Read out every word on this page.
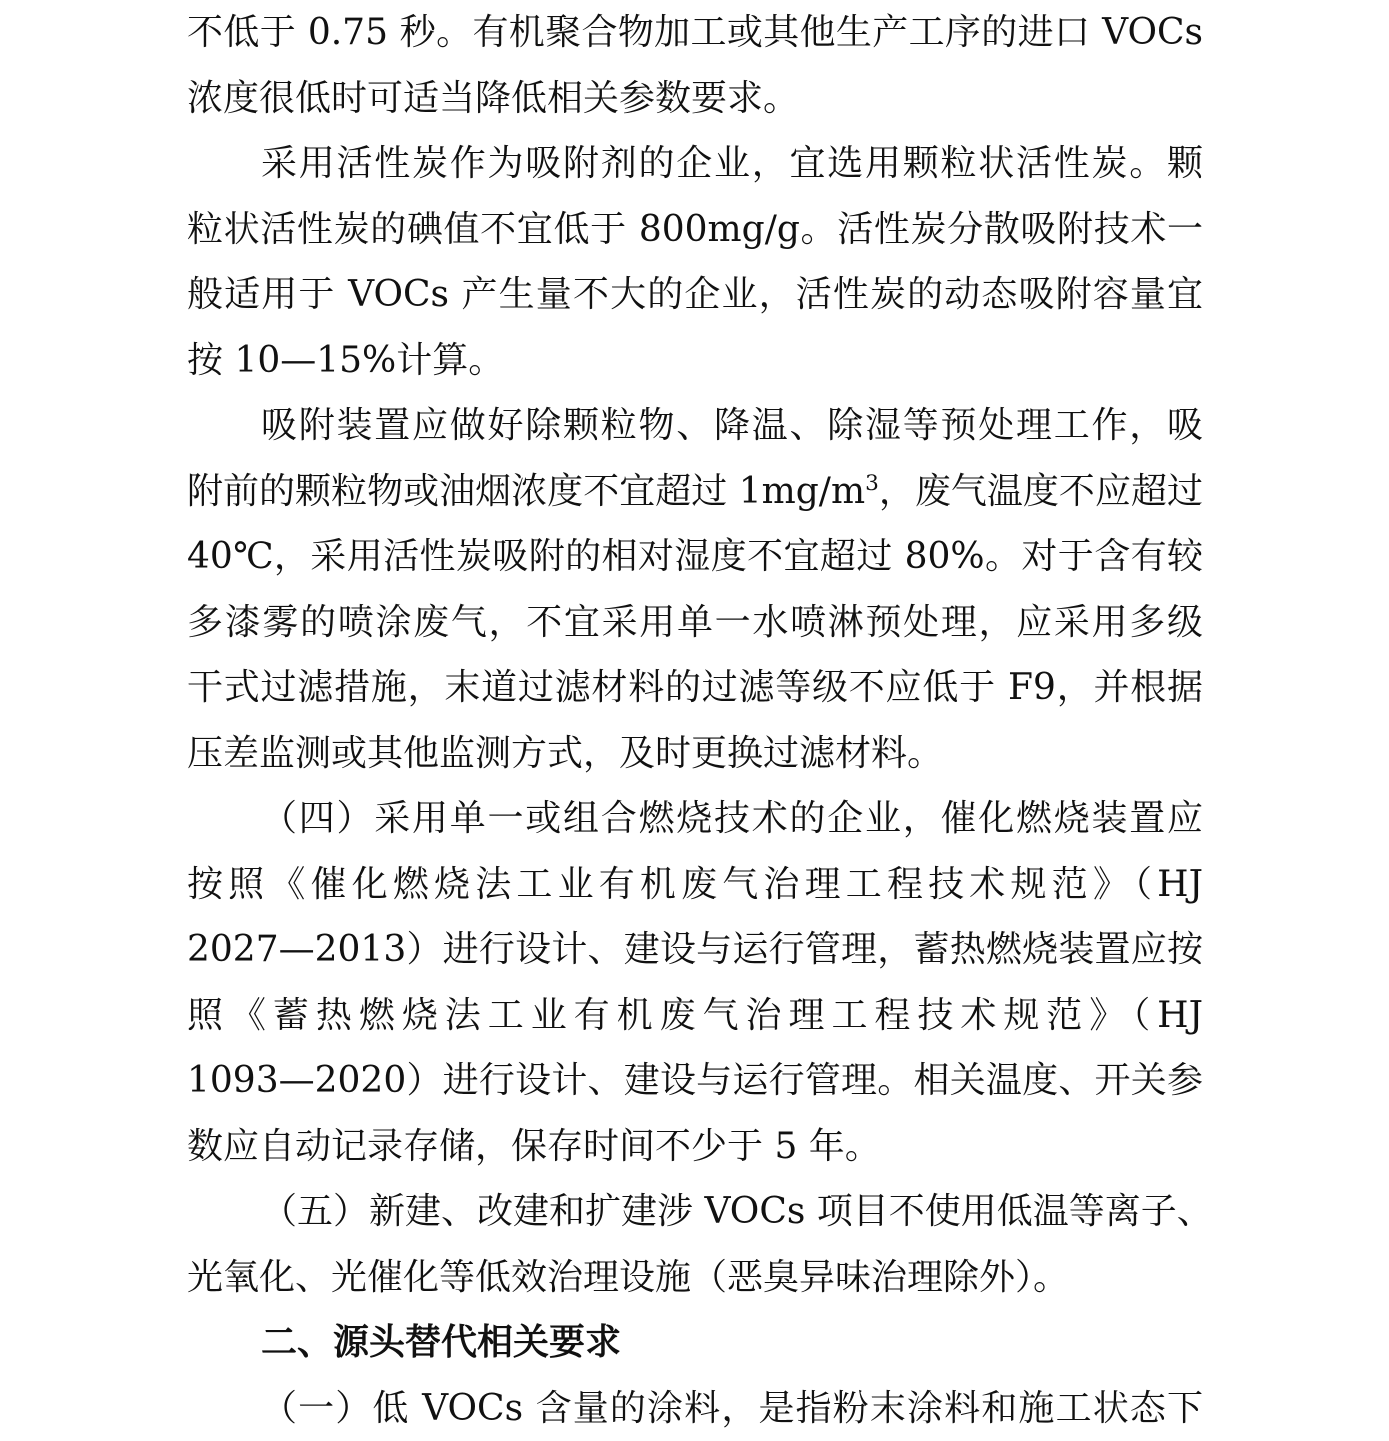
不低于 0.75 秒。有机聚合物加工或其他生产工序的进口 VOCs
浓度很低时可适当降低相关参数要求。
采用活性炭作为吸附剂的企业，宜选用颗粒状活性炭。颗
粒状活性炭的碘值不宜低于 800mg/g。活性炭分散吸附技术一
般适用于 VOCs 产生量不大的企业，活性炭的动态吸附容量宜
按 10—15%计算。
吸附装置应做好除颗粒物、降温、除湿等预处理工作，吸
附前的颗粒物或油烟浓度不宜超过 $1mg/m^3$，废气温度不应超过
40℃，采用活性炭吸附的相对湿度不宜超过 80%。对于含有较
多漆雾的喷涂废气，不宜采用单一水喷淋预处理，应采用多级
干式过滤措施，末道过滤材料的过滤等级不应低于 F9，并根据
压差监测或其他监测方式，及时更换过滤材料。
（四）采用单一或组合燃烧技术的企业，催化燃烧装置应
按照《催化燃烧法工业有机废气治理工程技术规范》（HJ
2027—2013）进行设计、建设与运行管理，蓄热燃烧装置应按
照《蓄热燃烧法工业有机废气治理工程技术规范》（HJ
1093—2020）进行设计、建设与运行管理。相关温度、开关参
数应自动记录存储，保存时间不少于 5 年。
（五）新建、改建和扩建涉 VOCs 项目不使用低温等离子、
光氧化、光催化等低效治理设施（恶臭异味治理除外）。
二、源头替代相关要求
（一）低 VOCs 含量的涂料，是指粉末涂料和施工状态下
